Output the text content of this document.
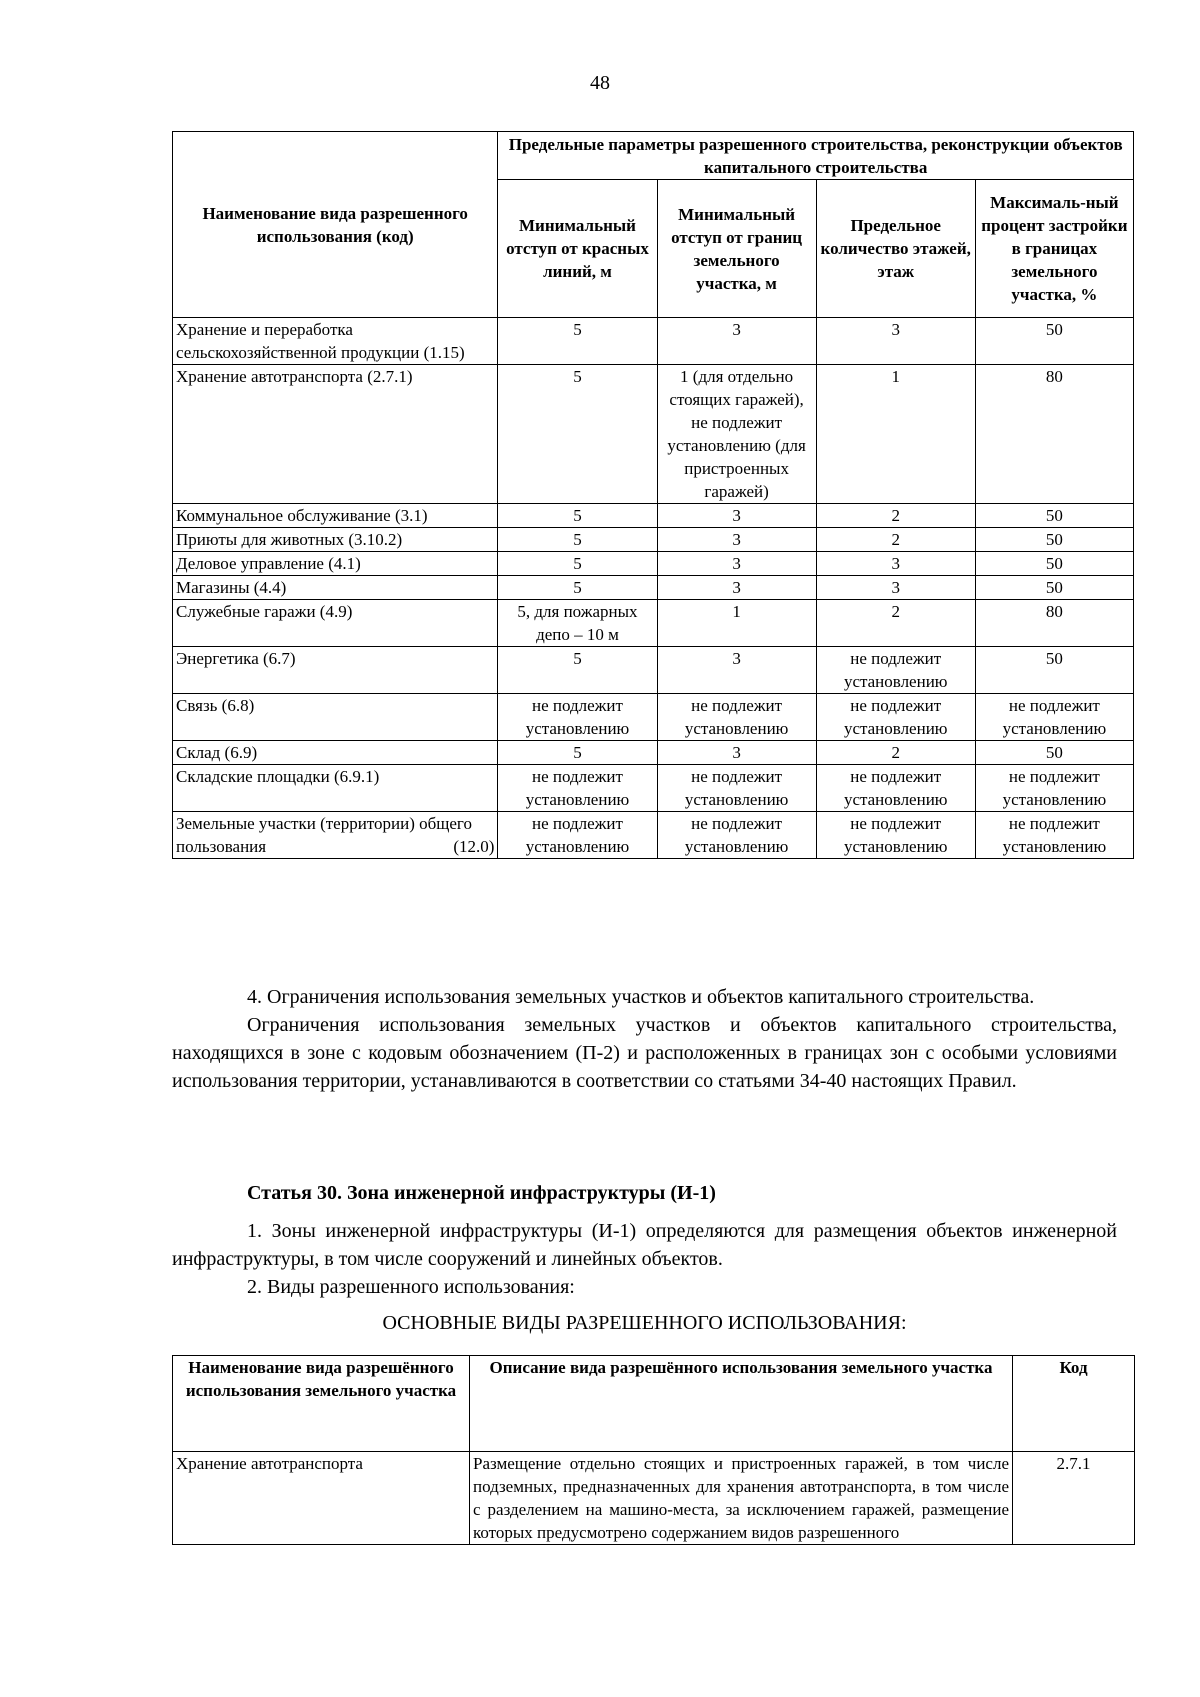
48
Наименование вида разрешенного использования (код)	Предельные параметры разрешенного строительства, реконструкции объектов капитального строительства			
	Минимальный отступ от красных линий, м	Минимальный отступ от границ земельного участка, м	Предельное количество этажей, этаж	Максималь-ный процент застройки в границах земельного участка, %
Хранение и переработка сельскохозяйственной продукции (1.15)	5	3	3	50
Хранение автотранспорта (2.7.1)	5	1 (для отдельно стоящих гаражей), не подлежит установлению (для пристроенных гаражей)	1	80
Коммунальное обслуживание (3.1)	5	3	2	50
Приюты для животных (3.10.2)	5	3	2	50
Деловое управление (4.1)	5	3	3	50
Магазины (4.4)	5	3	3	50
Служебные гаражи (4.9)	5, для пожарных депо – 10 м	1	2	80
Энергетика (6.7)	5	3	не подлежит установлению	50
Связь (6.8)	не подлежит установлению	не подлежит установлению	не подлежит установлению	не подлежит установлению
Склад (6.9)	5	3	2	50
Складские площадки (6.9.1)	не подлежит установлению	не подлежит установлению	не подлежит установлению	не подлежит установлению
Земельные участки (территории) общего пользования (12.0)	не подлежит установлению	не подлежит установлению	не подлежит установлению	не подлежит установлению

4. Ограничения использования земельных участков и объектов капитального строительства.

Ограничения использования земельных участков и объектов капитального строительства, находящихся в зоне с кодовым обозначением (П-2) и расположенных в границах зон с особыми условиями использования территории, устанавливаются в соответствии со статьями 34-40 настоящих Правил.

Статья 30. Зона инженерной инфраструктуры (И-1)

1. Зоны инженерной инфраструктуры (И-1) определяются для размещения объектов инженерной инфраструктуры, в том числе сооружений и линейных объектов.

2. Виды разрешенного использования:

ОСНОВНЫЕ ВИДЫ РАЗРЕШЕННОГО ИСПОЛЬЗОВАНИЯ:
Наименование вида разрешённого использования земельного участка	Описание вида разрешённого использования земельного участка	Код
Хранение автотранспорта	Размещение отдельно стоящих и пристроенных гаражей, в том числе подземных, предназначенных для хранения автотранспорта, в том числе с разделением на машино-места, за исключением гаражей, размещение которых предусмотрено содержанием видов разрешенного	2.7.1
